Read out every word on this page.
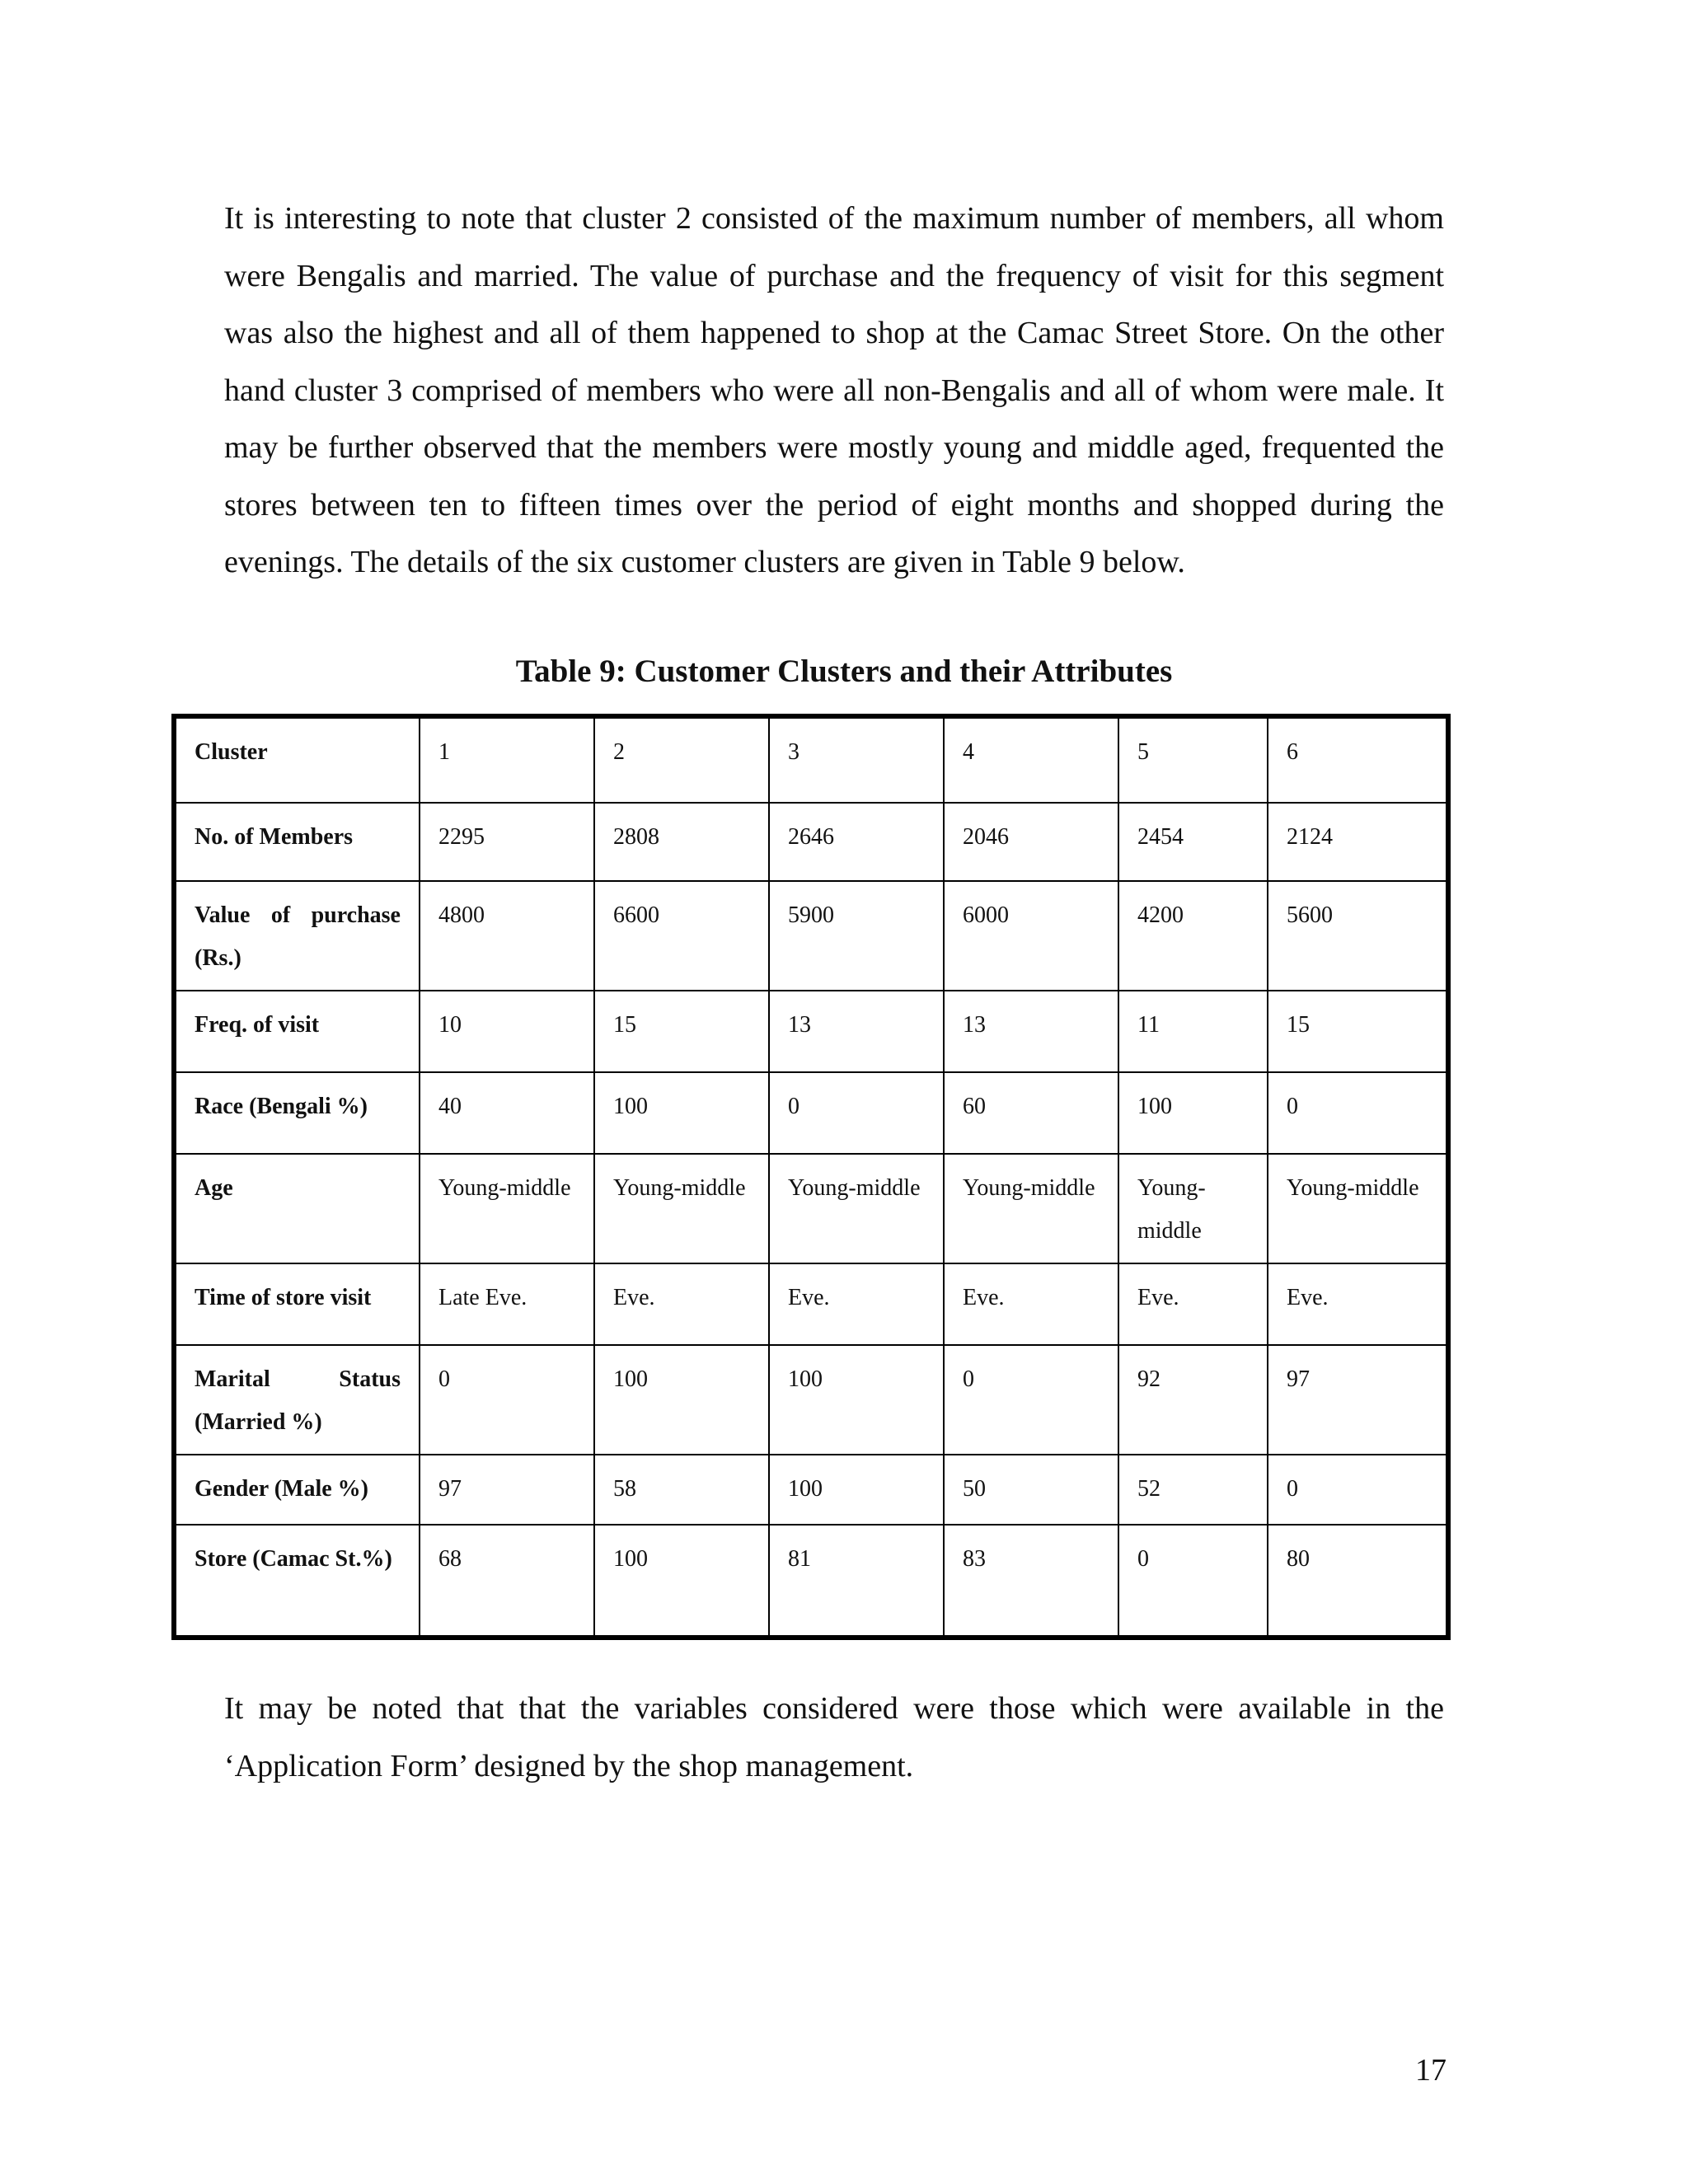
It is interesting to note that cluster 2 consisted of the maximum number of members, all whom were Bengalis and married. The value of purchase and the frequency of visit for this segment was also the highest and all of them happened to shop at the Camac Street Store. On the other hand cluster 3 comprised of members who were all non-Bengalis and all of whom were male. It may be further observed that the members were mostly young and middle aged, frequented the stores between ten to fifteen times over the period of eight months and shopped during the evenings. The details of the six customer clusters are given in Table 9 below.

Table 9: Customer Clusters and their Attributes

Cluster	1	2	3	4	5	6
No. of Members	2295	2808	2646	2046	2454	2124
Value of purchase (Rs.)	4800	6600	5900	6000	4200	5600
Freq. of visit	10	15	13	13	11	15
Race (Bengali %)	40	100	0	60	100	0
Age	Young-middle	Young-middle	Young-middle	Young-middle	Young-middle	Young-middle
Time of store visit	Late Eve.	Eve.	Eve.	Eve.	Eve.	Eve.
Marital Status (Married %)	0	100	100	0	92	97
Gender (Male %)	97	58	100	50	52	0
Store (Camac St.%)	68	100	81	83	0	80

It may be noted that that the variables considered were those which were available in the ‘Application Form’ designed by the shop management.

17
